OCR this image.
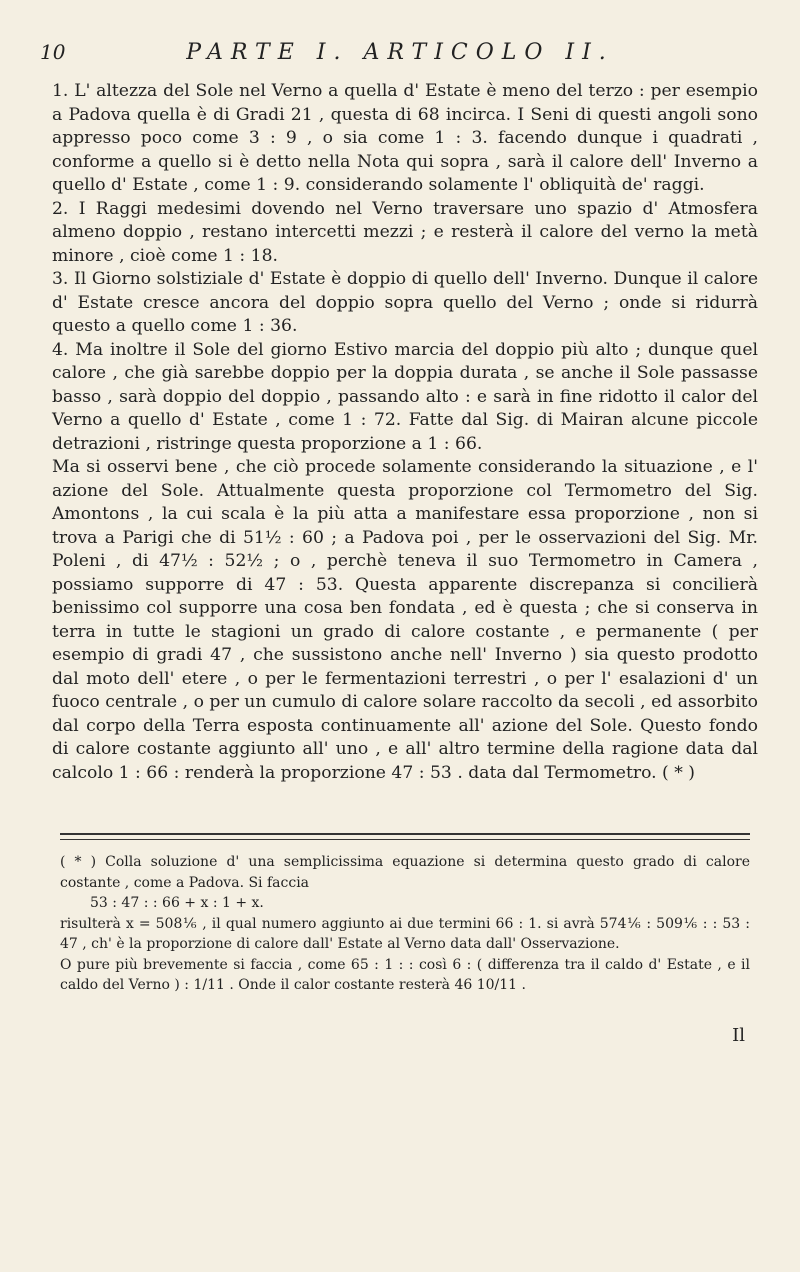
10	PARTE I. ARTICOLO II.

1. L' altezza del Sole nel Verno a quella d' Estate è meno del terzo : per esempio a Padova quella è di Gradi 21 , questa di 68 incirca. I Seni di questi angoli sono appresso poco come 3 : 9 , o sia come 1 : 3. facendo dunque i quadrati , conforme a quello si è detto nella Nota qui sopra , sarà il calore dell' Inverno a quello d' Estate , come 1 : 9. considerando solamente l' obliquità de' raggi.

2. I Raggi medesimi dovendo nel Verno traversare uno spazio d' Atmosfera almeno doppio , restano intercetti mezzi ; e resterà il calore del verno la metà minore , cioè come 1 : 18.

3. Il Giorno solstiziale d' Estate è doppio di quello dell' Inverno. Dunque il calore d' Estate cresce ancora del doppio sopra quello del Verno ; onde si ridurrà questo a quello come 1 : 36.

4. Ma inoltre il Sole del giorno Estivo marcia del doppio più alto ; dunque quel calore , che già sarebbe doppio per la doppia durata , se anche il Sole passasse basso , sarà doppio del doppio , passando alto : e sarà in fine ridotto il calor del Verno a quello d' Estate , come 1 : 72. Fatte dal Sig. di Mairan alcune piccole detrazioni , ristringe questa proporzione a 1 : 66.

Ma si osservi bene , che ciò procede solamente considerando la situazione , e l' azione del Sole. Attualmente questa proporzione col Termometro del Sig. Amontons , la cui scala è la più atta a manifestare essa proporzione , non si trova a Parigi che di 51½ : 60 ; a Padova poi , per le osservazioni del Sig. Mr. Poleni , di 47½ : 52½ ; o , perchè teneva il suo Termometro in Camera , possiamo supporre di 47 : 53. Questa apparente discrepanza si concilierà benissimo col supporre una cosa ben fondata , ed è questa ; che si conserva in terra in tutte le stagioni un grado di calore costante , e permanente ( per esempio di gradi 47 , che sussistono anche nell' Inverno ) sia questo prodotto dal moto dell' etere , o per le fermentazioni terrestri , o per l' esalazioni d' un fuoco centrale , o per un cumulo di calore solare raccolto da secoli , ed assorbito dal corpo della Terra esposta continuamente all' azione del Sole. Questo fondo di calore costante aggiunto all' uno , e all' altro termine della ragione data dal calcolo 1 : 66 : renderà la proporzione 47 : 53 . data dal Termometro. ( * )

( * ) Colla soluzione d' una semplicissima equazione si determina questo grado di calore costante , come a Padova. Si faccia

53 : 47 : : 66 + x : 1 + x.

risulterà x = 508⅙ , il qual numero aggiunto ai due termini 66 : 1. si avrà 574⅙ : 509⅙ : : 53 : 47 , ch' è la proporzione di calore dall' Estate al Verno data dall' Osservazione.

O pure più brevemente si faccia , come 65 : 1 : : così 6 : ( differenza tra il caldo d' Estate , e il caldo del Verno ) : 1/11 . Onde il calor costante resterà 46 10/11 .

Il
